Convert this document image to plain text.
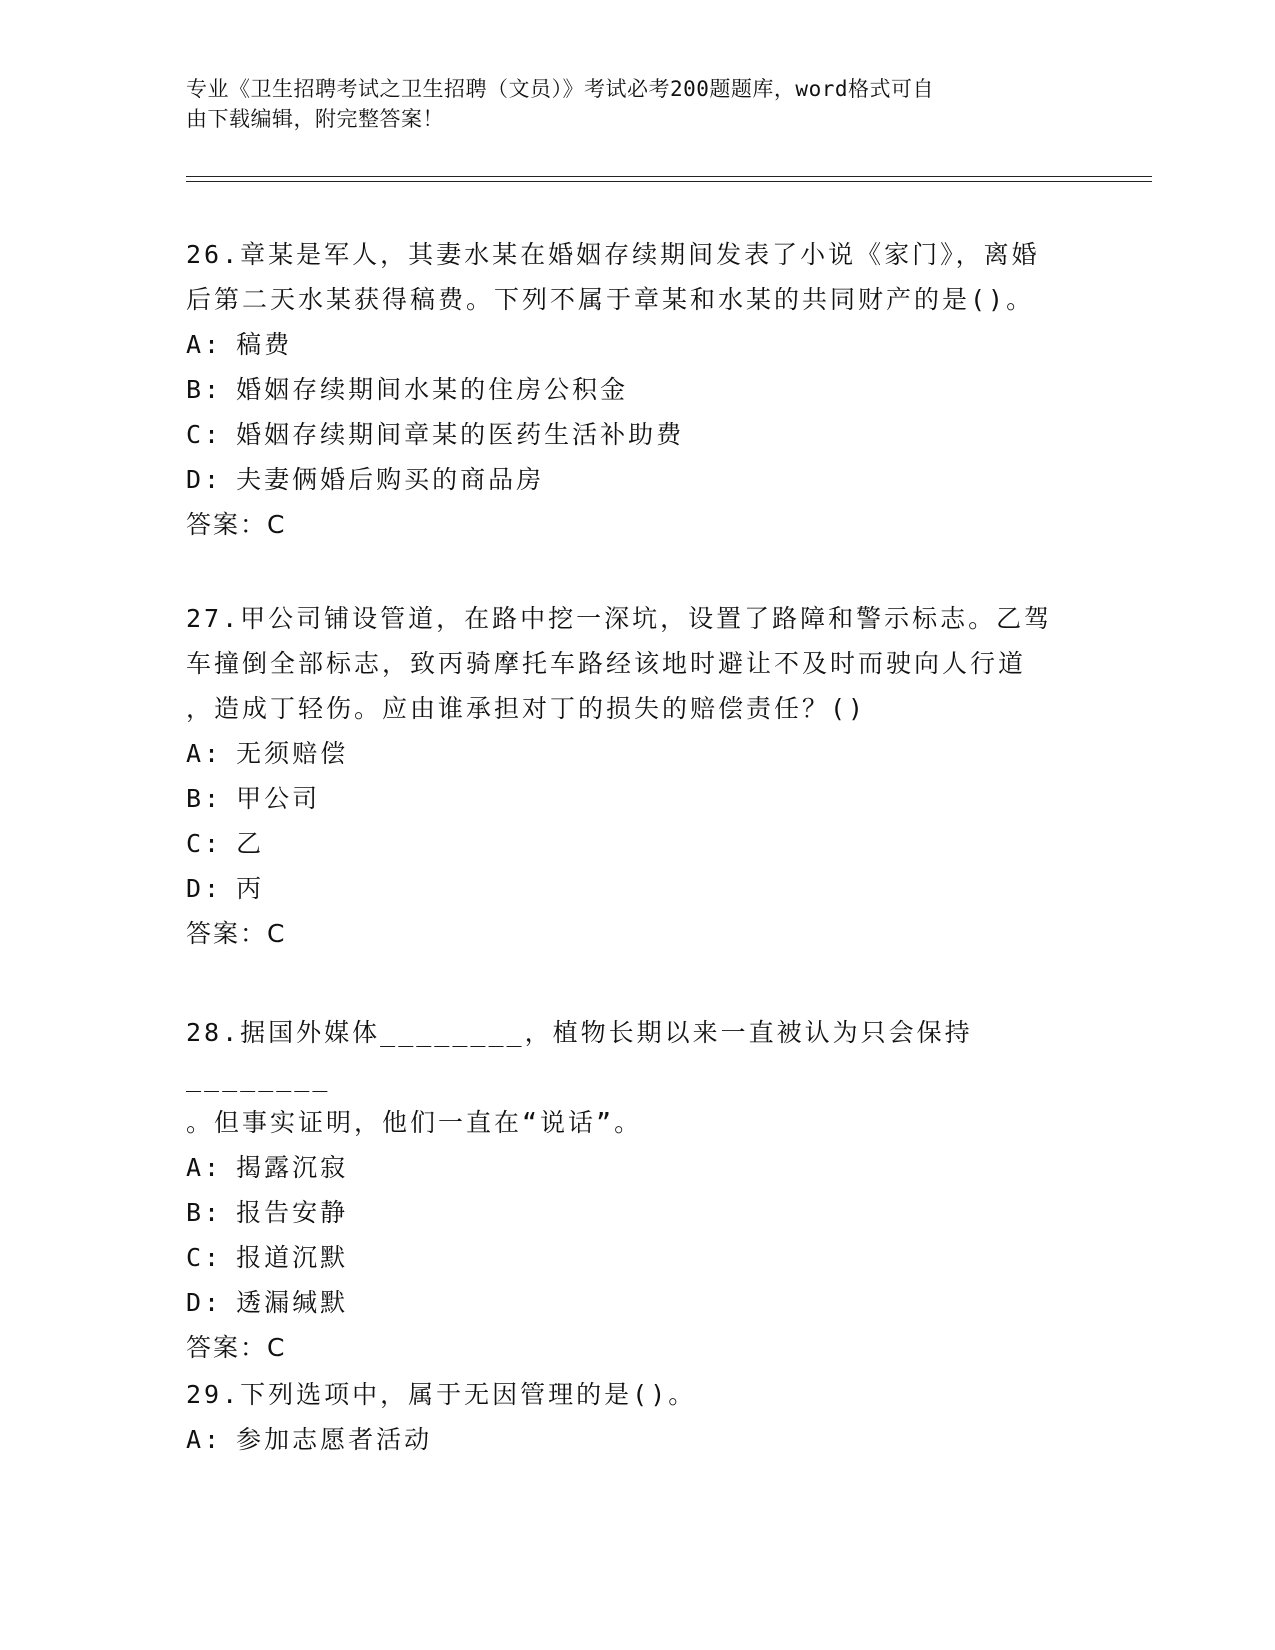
专业《卫生招聘考试之卫生招聘（文员）》考试必考200题题库，word格式可自
由下载编辑，附完整答案！

26.章某是军人，其妻水某在婚姻存续期间发表了小说《家门》，离婚
后第二天水某获得稿费。下列不属于章某和水某的共同财产的是()。

A: 稿费

B: 婚姻存续期间水某的住房公积金

C: 婚姻存续期间章某的医药生活补助费

D: 夫妻俩婚后购买的商品房

答案：C

27.甲公司铺设管道，在路中挖一深坑，设置了路障和警示标志。乙驾
车撞倒全部标志，致丙骑摩托车路经该地时避让不及时而驶向人行道
，造成丁轻伤。应由谁承担对丁的损失的赔偿责任？()

A: 无须赔偿

B: 甲公司

C: 乙

D: 丙

答案：C

28.据国外媒体________，植物长期以来一直被认为只会保持________
。但事实证明，他们一直在“说话”。

A: 揭露沉寂

B: 报告安静

C: 报道沉默

D: 透漏缄默

答案：C

29.下列选项中，属于无因管理的是()。

A: 参加志愿者活动
